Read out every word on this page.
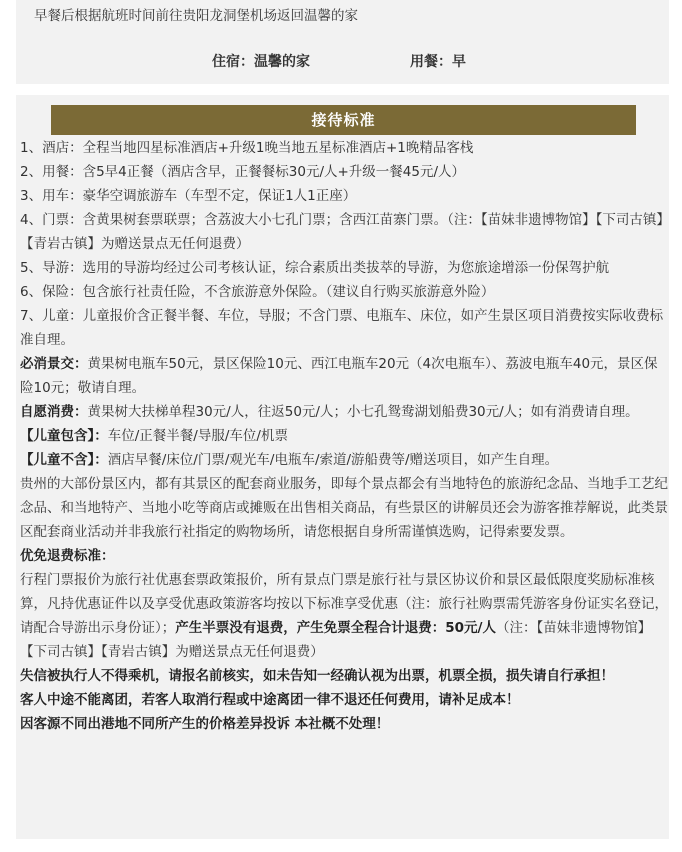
早餐后根据航班时间前往贵阳龙洞堡机场返回温馨的家
住宿：温馨的家	用餐：早
接待标准

1、酒店：全程当地四星标准酒店+升级1晚当地五星标准酒店+1晚精品客栈

2、用餐：含5早4正餐（酒店含早，正餐餐标30元/人+升级一餐45元/人）

3、用车：豪华空调旅游车（车型不定，保证1人1正座）

4、门票：含黄果树套票联票；含荔波大小七孔门票；含西江苗寨门票。（注：【苗妹非遗博物馆】【下司古镇】【青岩古镇】为赠送景点无任何退费）

5、导游：选用的导游均经过公司考核认证，综合素质出类拔萃的导游，为您旅途增添一份保驾护航

6、保险：包含旅行社责任险，不含旅游意外保险。（建议自行购买旅游意外险）

7、儿童：儿童报价含正餐半餐、车位，导服；不含门票、电瓶车、床位，如产生景区项目消费按实际收费标准自理。

必消景交：黄果树电瓶车50元，景区保险10元、西江电瓶车20元（4次电瓶车）、荔波电瓶车40元，景区保险10元；敬请自理。

自愿消费：黄果树大扶梯单程30元/人，往返50元/人；小七孔鸳鸯湖划船费30元/人；如有消费请自理。

【儿童包含】：车位/正餐半餐/导服/车位/机票

【儿童不含】：酒店早餐/床位/门票/观光车/电瓶车/索道/游船费等/赠送项目，如产生自理。

贵州的大部份景区内，都有其景区的配套商业服务，即每个景点都会有当地特色的旅游纪念品、当地手工艺纪念品、和当地特产、当地小吃等商店或摊贩在出售相关商品，有些景区的讲解员还会为游客推荐解说，此类景区配套商业活动并非我旅行社指定的购物场所，请您根据自身所需谨慎选购，记得索要发票。

优免退费标准：

行程门票报价为旅行社优惠套票政策报价，所有景点门票是旅行社与景区协议价和景区最低限度奖励标准核算，凡持优惠证件以及享受优惠政策游客均按以下标准享受优惠（注：旅行社购票需凭游客身份证实名登记，请配合导游出示身份证）；产生半票没有退费，产生免票全程合计退费：50元/人（注：【苗妹非遗博物馆】【下司古镇】【青岩古镇】为赠送景点无任何退费）

失信被执行人不得乘机，请报名前核实，如未告知一经确认视为出票，机票全损，损失请自行承担！

客人中途不能离团，若客人取消行程或中途离团一律不退还任何费用，请补足成本！

因客源不同出港地不同所产生的价格差异投诉 本社概不处理！
